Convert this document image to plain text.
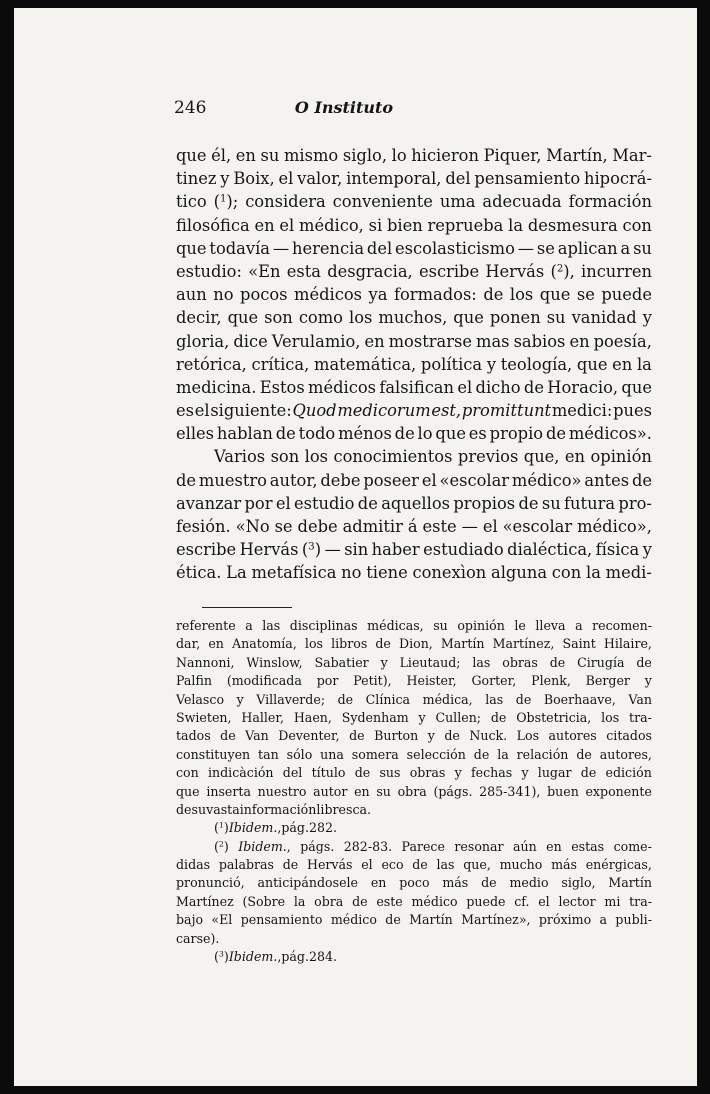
246	O Instituto
que él, en su mismo siglo, lo hicieron Piquer, Martín, Mar-
tinez y Boix, el valor, intemporal, del pensamiento hipocrá-
tico ($^1$); considera conveniente uma adecuada formación
filosófica en el médico, si bien reprueba la desmesura con
que todavía — herencia del escolasticismo — se aplican a su
estudio: «En esta desgracia, escribe Hervás ($^2$), incurren
aun no pocos médicos ya formados: de los que se puede
decir, que son como los muchos, que ponen su vanidad y
gloria, dice Verulamio, en mostrarse mas sabios en poesía,
retórica, crítica, matemática, política y teología, que en la
medicina. Estos médicos falsifican el dicho de Horacio, que
es el siguiente: Quod medicorum est, promittunt medici: pues
elles hablan de todo ménos de lo que es propio de médicos».
Varios son los conocimientos previos que, en opinión
de muestro autor, debe poseer el «escolar médico» antes de
avanzar por el estudio de aquellos propios de su futura pro-
fesión. «No se debe admitir á este — el «escolar médico»,
escribe Hervás ($^3$) — sin haber estudiado dialéctica, física y
ética. La metafísica no tiene conexìon alguna con la medi-
referente a las disciplinas médicas, su opinión le lleva a recomen-
dar, en Anatomía, los libros de Dion, Martín Martínez, Saint Hilaire,
Nannoni, Winslow, Sabatier y Lieutaud; las obras de Cirugía de
Palfin (modificada por Petit), Heister, Gorter, Plenk, Berger y
Velasco y Villaverde; de Clínica médica, las de Boerhaave, Van
Swieten, Haller, Haen, Sydenham y Cullen; de Obstetricia, los tra-
tados de Van Deventer, de Burton y de Nuck. Los autores citados
constituyen tan sólo una somera selección de la relación de autores,
con indicàción del título de sus obras y fechas y lugar de edición
que inserta nuestro autor en su obra (págs. 285-341), buen exponente
de su vasta información libresca.
($^1$) Ibidem., pág. 282.
($^2$) Ibidem., págs. 282-83. Parece resonar aún en estas come-
didas palabras de Hervás el eco de las que, mucho más enérgicas,
pronunció, anticipándosele en poco más de medio siglo, Martín
Martínez (Sobre la obra de este médico puede cf. el lector mi tra-
bajo «El pensamiento médico de Martín Martínez», próximo a publi-
carse).
($^3$) Ibidem., pág. 284.
